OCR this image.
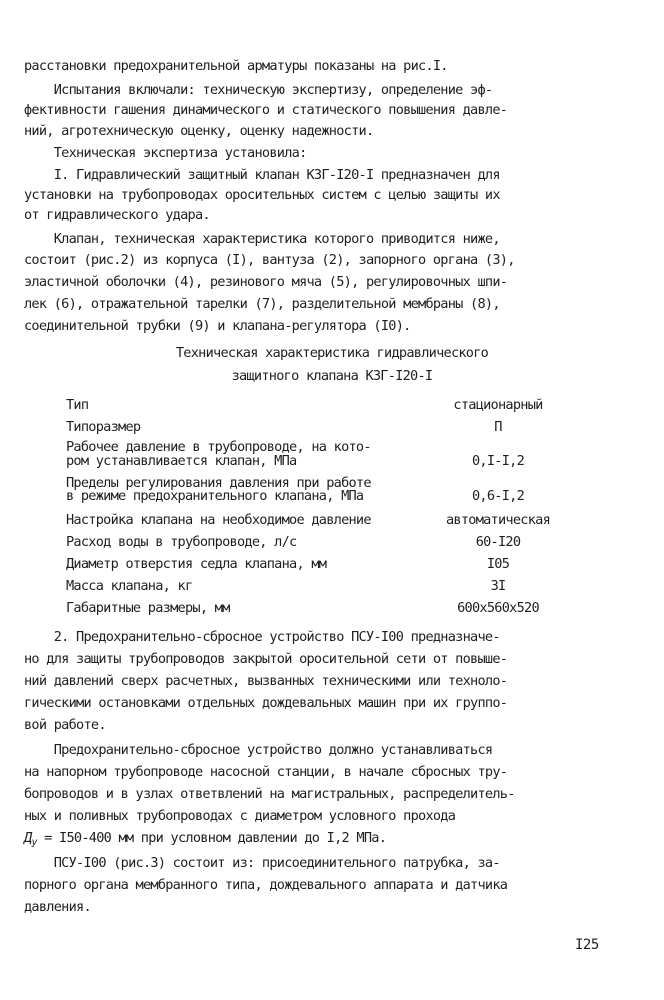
расстановки предохранительной арматуры показаны на рис.I.
Испытания включали: техническую экспертизу, определение эф-
фективности гашения динамического и статического повышения давле-
ний, агротехническую оценку, оценку надежности.
Техническая экспертиза установила:
I. Гидравлический защитный клапан КЗГ-I20-I предназначен для
установки на трубопроводах оросительных систем с целью защиты их
от гидравлического удара.
Клапан, техническая характеристика которого приводится ниже,
состоит (рис.2) из корпуса (I), вантуза (2), запорного органа (3),
эластичной оболочки (4), резинового мяча (5), регулировочных шпи-
лек (6), отражательной тарелки (7), разделительной мембраны (8),
соединительной трубки (9) и клапана-регулятора (I0).
Техническая характеристика гидравлического
защитного клапана КЗГ-I20-I
Тип	стационарный
Типоразмер	П
Рабочее давление в трубопроводе, на кото-
ром устанавливается клапан, МПа	0,I-I,2
Пределы регулирования давления при работе
в режиме предохранительного клапана, МПа	0,6-I,2
Настройка клапана на необходимое давление	автоматическая
Расход воды в трубопроводе, л/с	60-I20
Диаметр отверстия седла клапана, мм	I05
Масса клапана, кг	3I
Габаритные размеры, мм	600х560х520
2. Предохранительно-сбросное устройство ПСУ-I00 предназначе-
но для защиты трубопроводов закрытой оросительной сети от повыше-
ний давлений сверх расчетных, вызванных техническими или техноло-
гическими остановками отдельных дождевальных машин при их группо-
вой работе.
Предохранительно-сбросное устройство должно устанавливаться
на напорном трубопроводе насосной станции, в начале сбросных тру-
бопроводов и в узлах ответвлений на магистральных, распределитель-
ных и поливных трубопроводах с диаметром условного прохода
$Д_у = I50-400$ мм при условном давлении до I,2 МПа.
ПСУ-I00 (рис.3) состоит из: присоединительного патрубка, за-
порного органа мембранного типа, дождевального аппарата и датчика
давления.
I25
